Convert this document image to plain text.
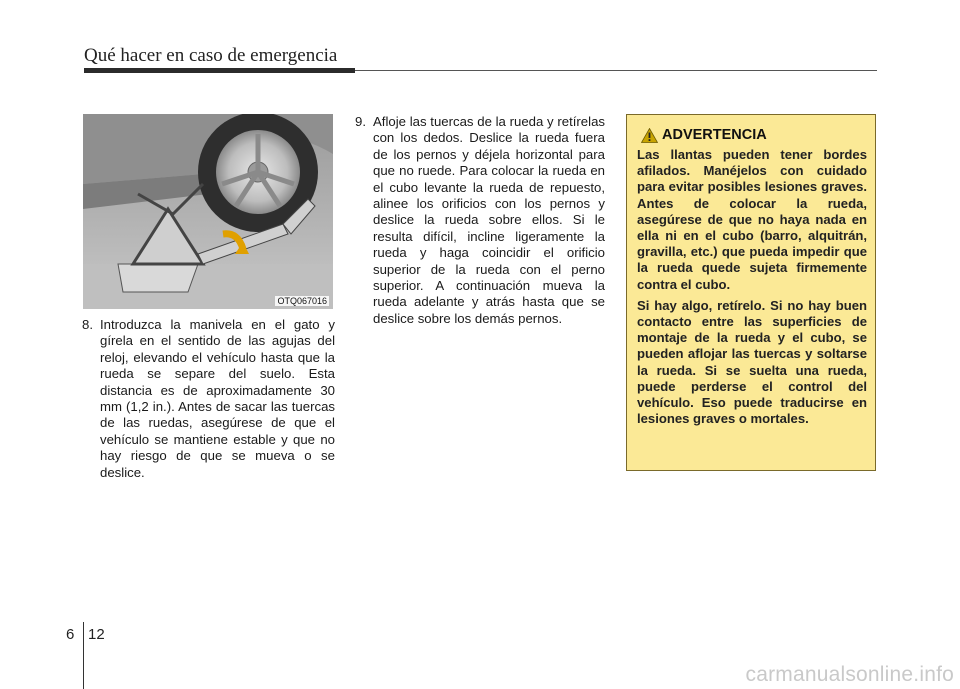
Qué hacer en caso de emergencia
OTQ067016
8. Introduzca la manivela en el gato y gírela en el sentido de las agujas del reloj, elevando el vehículo hasta que la rueda se separe del suelo. Esta distancia es de aproximadamente 30 mm (1,2 in.). Antes de sacar las tuercas de las ruedas, asegúrese de que el vehículo se mantiene estable y que no hay riesgo de que se mueva o se deslice.
9. Afloje las tuercas de la rueda y retírelas con los dedos. Deslice la rueda fuera de los pernos y déjela horizontal para que no ruede. Para colocar la rueda en el cubo levante la rueda de repuesto, alinee los orificios con los pernos y deslice la rueda sobre ellos. Si le resulta difícil, incline ligeramente la rueda y haga coincidir el orificio superior de la rueda con el perno superior. A continuación mueva la rueda adelante y atrás hasta que se deslice sobre los demás pernos.
ADVERTENCIA

Las llantas pueden tener bordes afilados. Manéjelos con cuidado para evitar posibles lesiones graves. Antes de colocar la rueda, asegúrese de que no haya nada en ella ni en el cubo (barro, alquitrán, gravilla, etc.) que pueda impedir que la rueda quede sujeta firmemente contra el cubo.

Si hay algo, retírelo. Si no hay buen contacto entre las superficies de montaje de la rueda y el cubo, se pueden aflojar las tuercas y soltarse la rueda. Si se suelta una rueda, puede perderse el control del vehículo. Eso puede traducirse en lesiones graves o mortales.

6 12
carmanualsonline.info
